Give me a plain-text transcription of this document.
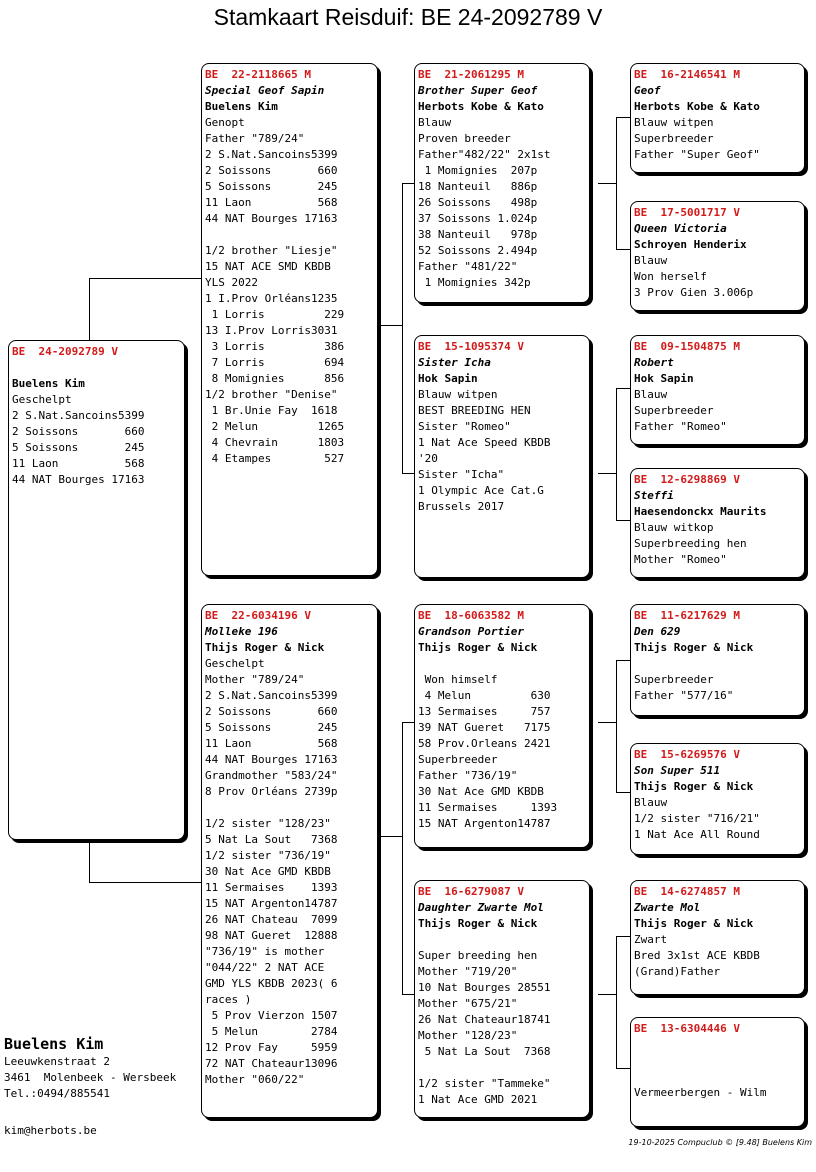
Stamkaart Reisduif: BE 24-2092789 V
BE  24-2092789 V
Buelens Kim
Geschelpt
2 S.Nat.Sancoins5399
2 Soissons       660
5 Soissons       245
11 Laon          568
44 NAT Bourges 17163
BE  22-2118665 M
Special Geof Sapin
Buelens Kim
Genopt
Father "789/24"
2 S.Nat.Sancoins5399
2 Soissons       660
5 Soissons       245
11 Laon          568
44 NAT Bourges 17163
1/2 brother "Liesje"
15 NAT ACE SMD KBDB
YLS 2022
1 I.Prov Orléans1235
1 Lorris         229
13 I.Prov Lorris3031
3 Lorris         386
7 Lorris         694
8 Momignies      856
1/2 brother "Denise"
1 Br.Unie Fay  1618
2 Melun         1265
4 Chevrain      1803
4 Etampes        527
BE  22-6034196 V
Molleke 196
Thijs Roger & Nick
Geschelpt
Mother "789/24"
2 S.Nat.Sancoins5399
2 Soissons       660
5 Soissons       245
11 Laon          568
44 NAT Bourges 17163
Grandmother "583/24"
8 Prov Orléans 2739p
1/2 sister "128/23"
5 Nat La Sout   7368
1/2 sister "736/19"
30 Nat Ace GMD KBDB
11 Sermaises    1393
15 NAT Argenton14787
26 NAT Chateau  7099
98 NAT Gueret  12888
"736/19" is mother
"044/22" 2 NAT ACE
GMD YLS KBDB 2023( 6
races )
5 Prov Vierzon 1507
5 Melun        2784
12 Prov Fay     5959
72 NAT Chateaur13096
Mother "060/22"
BE  21-2061295 M
Brother Super Geof
Herbots Kobe & Kato
Blauw
Proven breeder
Father"482/22" 2x1st
1 Momignies  207p
18 Nanteuil   886p
26 Soissons   498p
37 Soissons 1.024p
38 Nanteuil   978p
52 Soissons 2.494p
Father "481/22"
1 Momignies 342p
BE  15-1095374 V
Sister Icha
Hok Sapin
Blauw witpen
BEST BREEDING HEN
Sister "Romeo"
1 Nat Ace Speed KBDB
'20
Sister "Icha"
1 Olympic Ace Cat.G
Brussels 2017
BE  18-6063582 M
Grandson Portier
Thijs Roger & Nick
Won himself
4 Melun         630
13 Sermaises     757
39 NAT Gueret   7175
58 Prov.Orleans 2421
Superbreeder
Father "736/19"
30 Nat Ace GMD KBDB
11 Sermaises     1393
15 NAT Argenton14787
BE  16-6279087 V
Daughter Zwarte Mol
Thijs Roger & Nick
Super breeding hen
Mother "719/20"
10 Nat Bourges 28551
Mother "675/21"
26 Nat Chateaur18741
Mother "128/23"
5 Nat La Sout  7368
1/2 sister "Tammeke"
1 Nat Ace GMD 2021
BE  16-2146541 M
Geof
Herbots Kobe & Kato
Blauw witpen
Superbreeder
Father "Super Geof"
BE  17-5001717 V
Queen Victoria
Schroyen Henderix
Blauw
Won herself
3 Prov Gien 3.006p
BE  09-1504875 M
Robert
Hok Sapin
Blauw
Superbreeder
Father "Romeo"
BE  12-6298869 V
Steffi
Haesendonckx Maurits
Blauw witkop
Superbreeding hen
Mother "Romeo"
BE  11-6217629 M
Den 629
Thijs Roger & Nick
Superbreeder
Father "577/16"
BE  15-6269576 V
Son Super 511
Thijs Roger & Nick
Blauw
1/2 sister "716/21"
1 Nat Ace All Round
BE  14-6274857 M
Zwarte Mol
Thijs Roger & Nick
Zwart
Bred 3x1st ACE KBDB
(Grand)Father
BE  13-6304446 V
Vermeerbergen - Wilm
Buelens Kim
Leeuwkenstraat 2
3461  Molenbeek - Wersbeek
Tel.:0494/885541
kim@herbots.be
19-10-2025 Compuclub © [9.48] Buelens Kim
